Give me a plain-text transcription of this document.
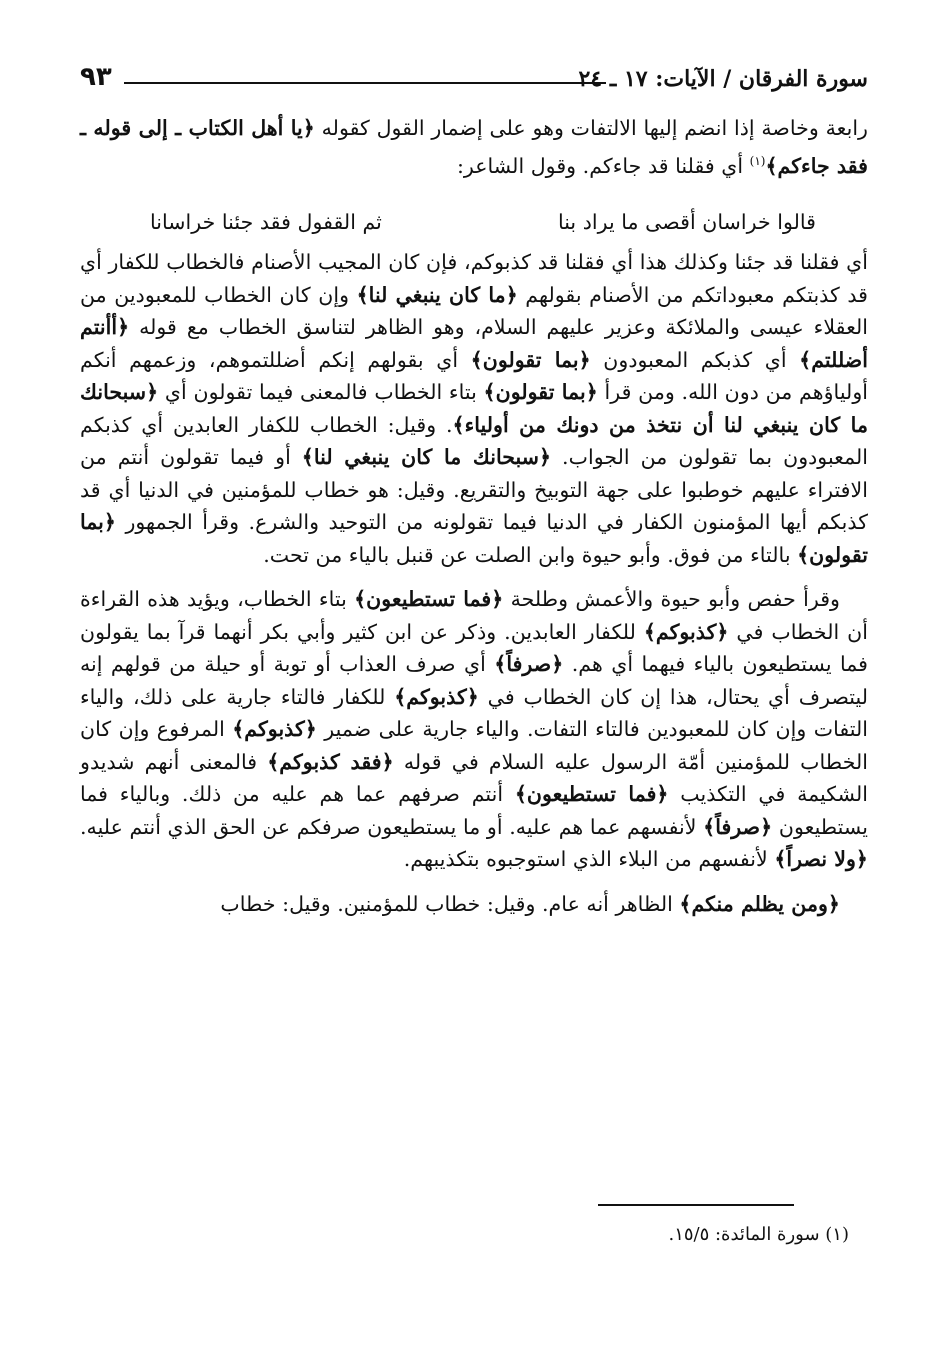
٩٣	سورة الفرقان / الآيات: ١٧ ـ ٢٤

رابعة وخاصة إذا انضم إليها الالتفات وهو على إضمار القول كقوله ﴿يا أهل الكتاب ـ إلى قوله ـ فقد جاءكم﴾$^{(١)}$ أي فقلنا قد جاءكم. وقول الشاعر:

قالوا خراسان أقصى ما يراد بنا
ثم القفول فقد جئنا خراسانا

أي فقلنا قد جئنا وكذلك هذا أي فقلنا قد كذبوكم، فإن كان المجيب الأصنام فالخطاب للكفار أي قد كذبتكم معبوداتكم من الأصنام بقولهم ﴿ما كان ينبغي لنا﴾ وإن كان الخطاب للمعبودين من العقلاء عيسى والملائكة وعزير عليهم السلام، وهو الظاهر لتناسق الخطاب مع قوله ﴿أأنتم أضللتم﴾ أي كذبكم المعبودون ﴿بما تقولون﴾ أي بقولهم إنكم أضللتموهم، وزعمهم أنكم أولياؤهم من دون الله. ومن قرأ ﴿بما تقولون﴾ بتاء الخطاب فالمعنى فيما تقولون أي ﴿سبحانك ما كان ينبغي لنا أن نتخذ من دونك من أولياء﴾. وقيل: الخطاب للكفار العابدين أي كذبكم المعبودون بما تقولون من الجواب. ﴿سبحانك ما كان ينبغي لنا﴾ أو فيما تقولون أنتم من الافتراء عليهم خوطبوا على جهة التوبيخ والتقريع. وقيل: هو خطاب للمؤمنين في الدنيا أي قد كذبكم أيها المؤمنون الكفار في الدنيا فيما تقولونه من التوحيد والشرع. وقرأ الجمهور ﴿بما تقولون﴾ بالتاء من فوق. وأبو حيوة وابن الصلت عن قنبل بالياء من تحت.

وقرأ حفص وأبو حيوة والأعمش وطلحة ﴿فما تستطيعون﴾ بتاء الخطاب، ويؤيد هذه القراءة أن الخطاب في ﴿كذبوكم﴾ للكفار العابدين. وذكر عن ابن كثير وأبي بكر أنهما قرآ بما يقولون فما يستطيعون بالياء فيهما أي هم. ﴿صرفاً﴾ أي صرف العذاب أو توبة أو حيلة من قولهم إنه ليتصرف أي يحتال، هذا إن كان الخطاب في ﴿كذبوكم﴾ للكفار فالتاء جارية على ذلك، والياء التفات وإن كان للمعبودين فالتاء التفات. والياء جارية على ضمير ﴿كذبوكم﴾ المرفوع وإن كان الخطاب للمؤمنين أمّة الرسول عليه السلام في قوله ﴿فقد كذبوكم﴾ فالمعنى أنهم شديدو الشكيمة في التكذيب ﴿فما تستطيعون﴾ أنتم صرفهم عما هم عليه من ذلك. وبالياء فما يستطيعون ﴿صرفاً﴾ لأنفسهم عما هم عليه. أو ما يستطيعون صرفكم عن الحق الذي أنتم عليه. ﴿ولا نصراً﴾ لأنفسهم من البلاء الذي استوجبوه بتكذيبهم.

﴿ومن يظلم منكم﴾ الظاهر أنه عام. وقيل: خطاب للمؤمنين. وقيل: خطاب

(١) سورة المائدة: ١٥/٥.
